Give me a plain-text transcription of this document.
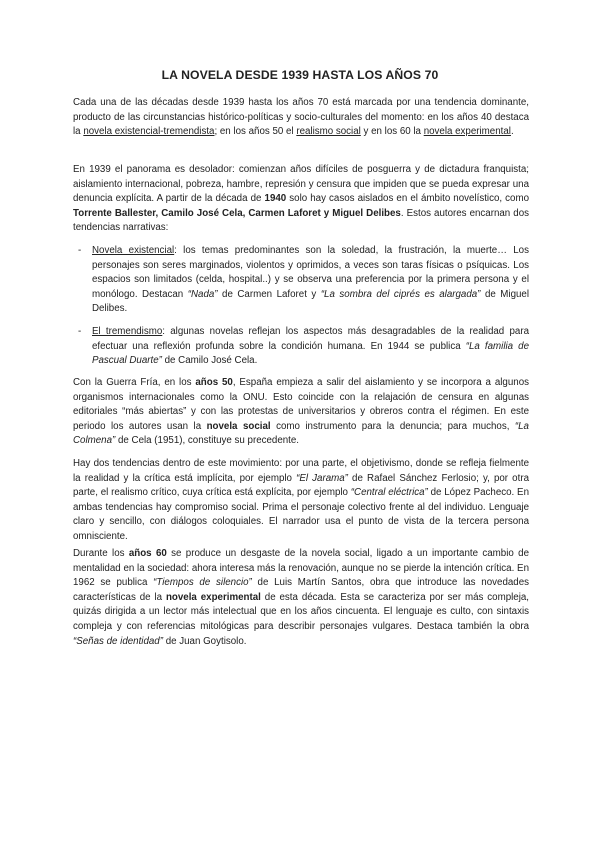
LA NOVELA DESDE 1939 HASTA LOS AÑOS 70

Cada una de las décadas desde 1939 hasta los años 70 está marcada por una tendencia dominante, producto de las circunstancias histórico-políticas y socio-culturales del momento: en los años 40 destaca la novela existencial-tremendista; en los años 50 el realismo social y en los 60 la novela experimental.

En 1939 el panorama es desolador: comienzan años difíciles de posguerra y de dictadura franquista; aislamiento internacional, pobreza, hambre, represión y censura que impiden que se pueda expresar una denuncia explícita. A partir de la década de 1940 solo hay casos aislados en el ámbito novelístico, como Torrente Ballester, Camilo José Cela, Carmen Laforet y Miguel Delibes. Estos autores encarnan dos tendencias narrativas:

- Novela existencial: los temas predominantes son la soledad, la frustración, la muerte… Los personajes son seres marginados, violentos y oprimidos, a veces son taras físicas o psíquicas. Los espacios son limitados (celda, hospital..) y se observa una preferencia por la primera persona y el monólogo. Destacan “Nada” de Carmen Laforet y “La sombra del ciprés es alargada” de Miguel Delibes.

- El tremendismo: algunas novelas reflejan los aspectos más desagradables de la realidad para efectuar una reflexión profunda sobre la condición humana. En 1944 se publica “La familia de Pascual Duarte” de Camilo José Cela.

Con la Guerra Fría, en los años 50, España empieza a salir del aislamiento y se incorpora a algunos organismos internacionales como la ONU. Esto coincide con la relajación de censura en algunas editoriales “más abiertas” y con las protestas de universitarios y obreros contra el régimen. En este periodo los autores usan la novela social como instrumento para la denuncia; para muchos, “La Colmena” de Cela (1951), constituye su precedente.

Hay dos tendencias dentro de este movimiento: por una parte, el objetivismo, donde se refleja fielmente la realidad y la crítica está implícita, por ejemplo “El Jarama” de Rafael Sánchez Ferlosio; y, por otra parte, el realismo crítico, cuya crítica está explícita, por ejemplo “Central eléctrica” de López Pacheco. En ambas tendencias hay compromiso social. Prima el personaje colectivo frente al del individuo. Lenguaje claro y sencillo, con diálogos coloquiales. El narrador usa el punto de vista de la tercera persona omnisciente.

Durante los años 60 se produce un desgaste de la novela social, ligado a un importante cambio de mentalidad en la sociedad: ahora interesa más la renovación, aunque no se pierde la intención crítica. En 1962 se publica “Tiempos de silencio” de Luis Martín Santos, obra que introduce las novedades características de la novela experimental de esta década. Esta se caracteriza por ser más compleja, quizás dirigida a un lector más intelectual que en los años cincuenta. El lenguaje es culto, con sintaxis compleja y con referencias mitológicas para describir personajes vulgares. Destaca también la obra “Señas de identidad” de Juan Goytisolo.
